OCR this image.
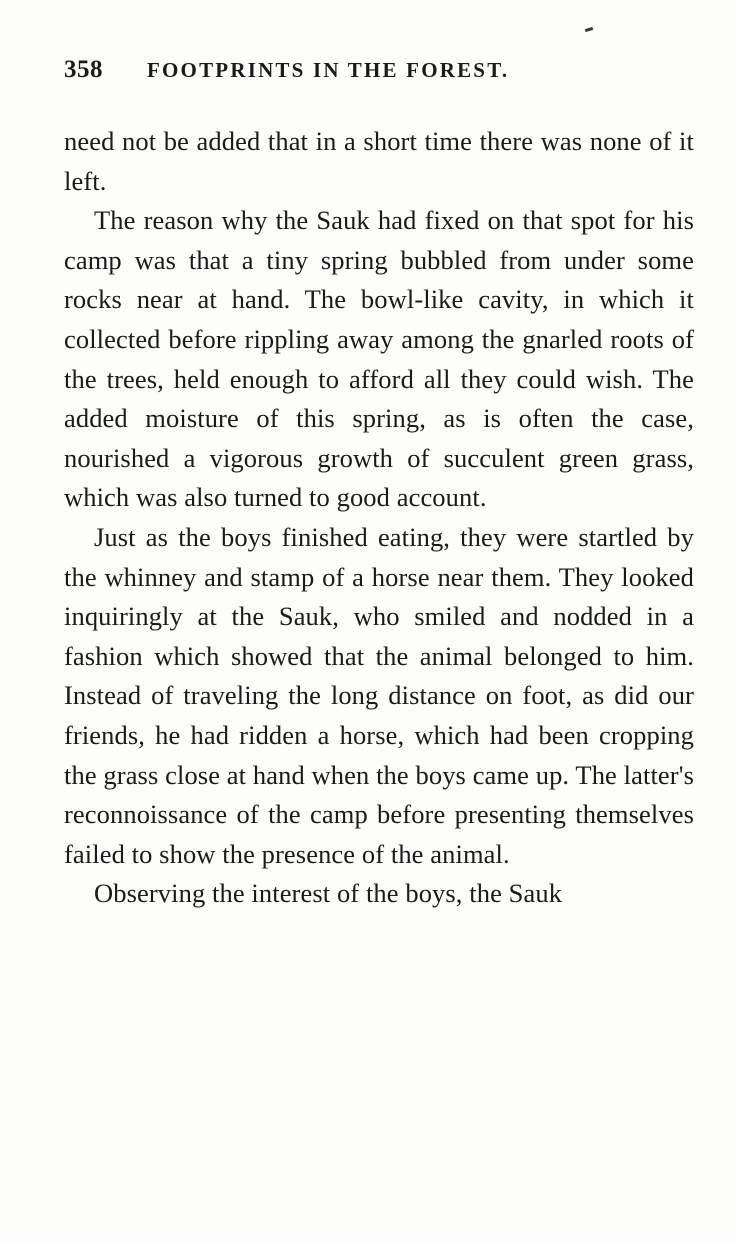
358 FOOTPRINTS IN THE FOREST.

need not be added that in a short time there was none of it left.

The reason why the Sauk had fixed on that spot for his camp was that a tiny spring bubbled from under some rocks near at hand. The bowl-like cavity, in which it collected before rippling away among the gnarled roots of the trees, held enough to afford all they could wish. The added moisture of this spring, as is often the case, nourished a vigorous growth of succulent green grass, which was also turned to good account.

Just as the boys finished eating, they were startled by the whinney and stamp of a horse near them. They looked inquiringly at the Sauk, who smiled and nodded in a fashion which showed that the animal belonged to him. Instead of traveling the long distance on foot, as did our friends, he had ridden a horse, which had been cropping the grass close at hand when the boys came up. The latter's reconnoissance of the camp before presenting themselves failed to show the presence of the animal.

Observing the interest of the boys, the Sauk
